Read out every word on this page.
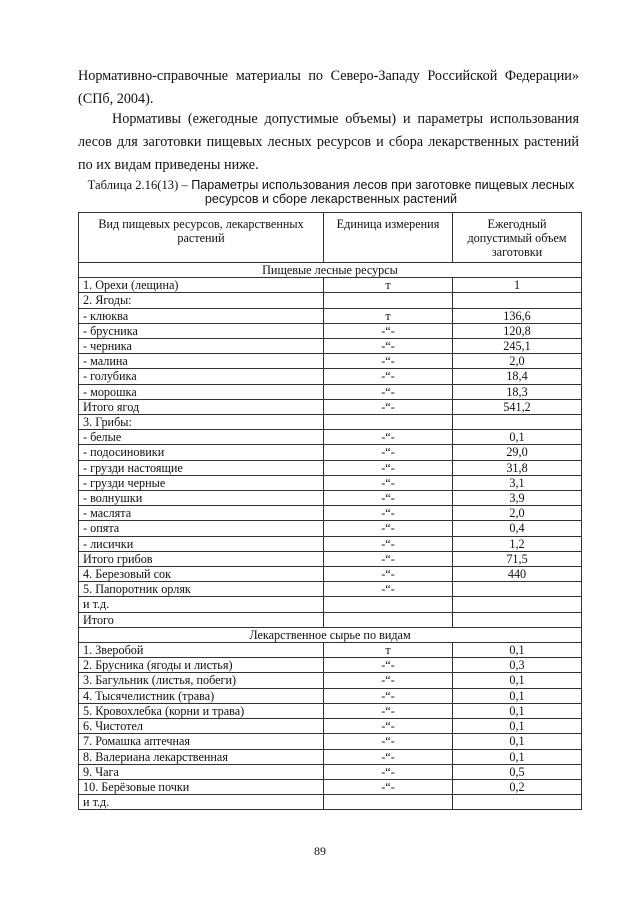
Нормативно-справочные материалы по Северо-Западу Российской Федерации» (СПб, 2004).

Нормативы (ежегодные допустимые объемы) и параметры использования лесов для заготовки пищевых лесных ресурсов и сбора лекарственных растений по их видам приведены ниже.

Таблица 2.16(13) – Параметры использования лесов при заготовке пищевых лесных ресурсов и сборе лекарственных растений

Вид пищевых ресурсов, лекарственных растений	Единица измерения	Ежегодный допустимый объем заготовки
Пищевые лесные ресурсы		
1. Орехи (лещина)	т	1
2. Ягоды:		
- клюква	т	136,6
- брусника	-“-	120,8
- черника	-“-	245,1
- малина	-“-	2,0
- голубика	-“-	18,4
- морошка	-“-	18,3
Итого ягод	-“-	541,2
3. Грибы:		
- белые	-“-	0,1
- подосиновики	-“-	29,0
- грузди настоящие	-“-	31,8
- грузди черные	-“-	3,1
- волнушки	-“-	3,9
- маслята	-“-	2,0
- опята	-“-	0,4
- лисички	-“-	1,2
Итого грибов	-“-	71,5
4. Березовый сок	-“-	440
5. Папоротник орляк	-“-	
и т.д.		
Итого		
Лекарственное сырье по видам		
1. Зверобой	т	0,1
2. Брусника (ягоды и листья)	-“-	0,3
3. Багульник (листья, побеги)	-“-	0,1
4. Тысячелистник (трава)	-“-	0,1
5. Кровохлебка (корни и трава)	-“-	0,1
6. Чистотел	-“-	0,1
7. Ромашка аптечная	-“-	0,1
8. Валериана лекарственная	-“-	0,1
9. Чага	-“-	0,5
10. Берёзовые почки	-“-	0,2
и т.д.		
89
